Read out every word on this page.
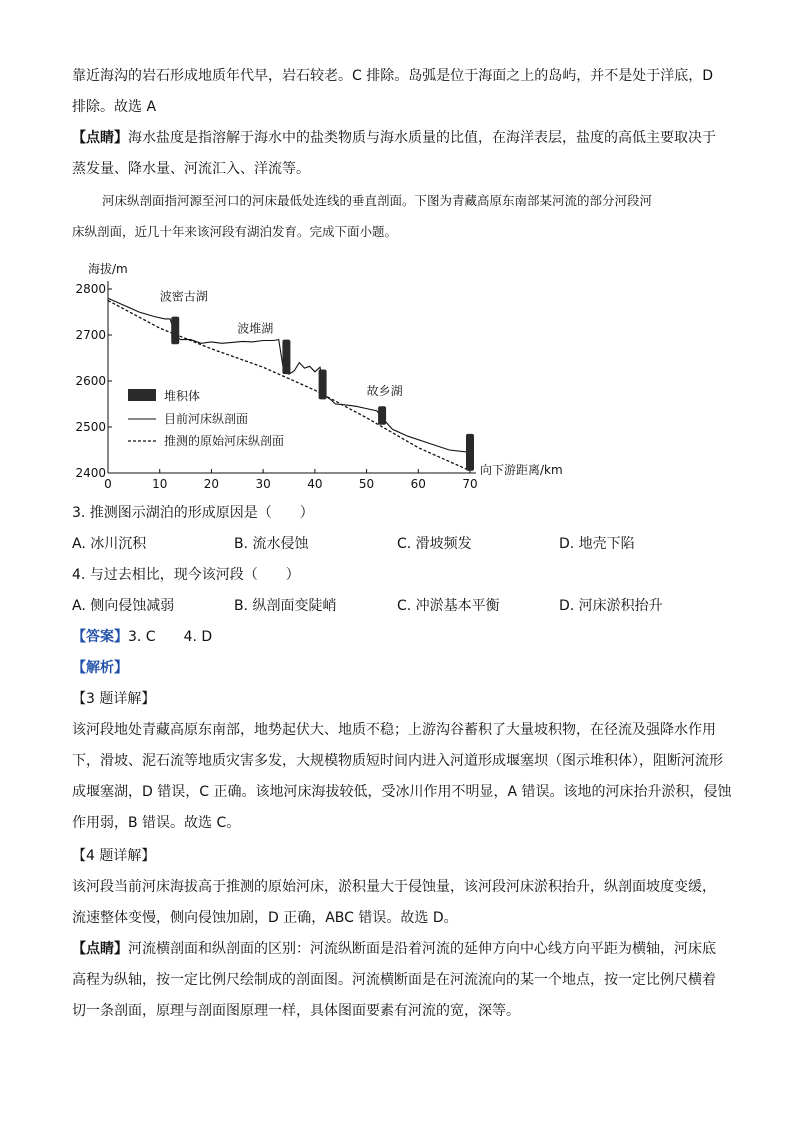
靠近海沟的岩石形成地质年代早，岩石较老。C 排除。岛弧是位于海面之上的岛屿，并不是处于洋底，D
排除。故选 A
【点睛】海水盐度是指溶解于海水中的盐类物质与海水质量的比值，在海洋表层，盐度的高低主要取决于
蒸发量、降水量、河流汇入、洋流等。
河床纵剖面指河源至河口的河床最低处连线的垂直剖面。下图为青藏高原东南部某河流的部分河段河
床纵剖面，近几十年来该河段有湖泊发育。完成下面小题。
0	10	20	30	40	50	60	70
2400
2500
2600
2700
2800
海拔/m
向下游距离/km
堆积体
目前河床纵剖面
推测的原始河床纵剖面
波密古湖
波堆湖
故乡湖
3. 推测图示湖泊的形成原因是（　　）
A. 冰川沉积	B. 流水侵蚀	C. 滑坡频发	D. 地壳下陷
4. 与过去相比，现今该河段（　　）
A. 侧向侵蚀减弱	B. 纵剖面变陡峭	C. 冲淤基本平衡	D. 河床淤积抬升
【答案】3. C　　4. D
【解析】
【3 题详解】
该河段地处青藏高原东南部，地势起伏大、地质不稳；上游沟谷蓄积了大量坡积物，在径流及强降水作用
下，滑坡、泥石流等地质灾害多发，大规模物质短时间内进入河道形成堰塞坝（图示堆积体），阻断河流形
成堰塞湖，D 错误，C 正确。该地河床海拔较低，受冰川作用不明显，A 错误。该地的河床抬升淤积，侵蚀
作用弱，B 错误。故选 C。
【4 题详解】
该河段当前河床海拔高于推测的原始河床，淤积量大于侵蚀量，该河段河床淤积抬升，纵剖面坡度变缓，
流速整体变慢，侧向侵蚀加剧，D 正确，ABC 错误。故选 D。
【点睛】河流横剖面和纵剖面的区别：河流纵断面是沿着河流的延伸方向中心线方向平距为横轴，河床底
高程为纵轴，按一定比例尺绘制成的剖面图。河流横断面是在河流流向的某一个地点，按一定比例尺横着
切一条剖面，原理与剖面图原理一样，具体图面要素有河流的宽，深等。
